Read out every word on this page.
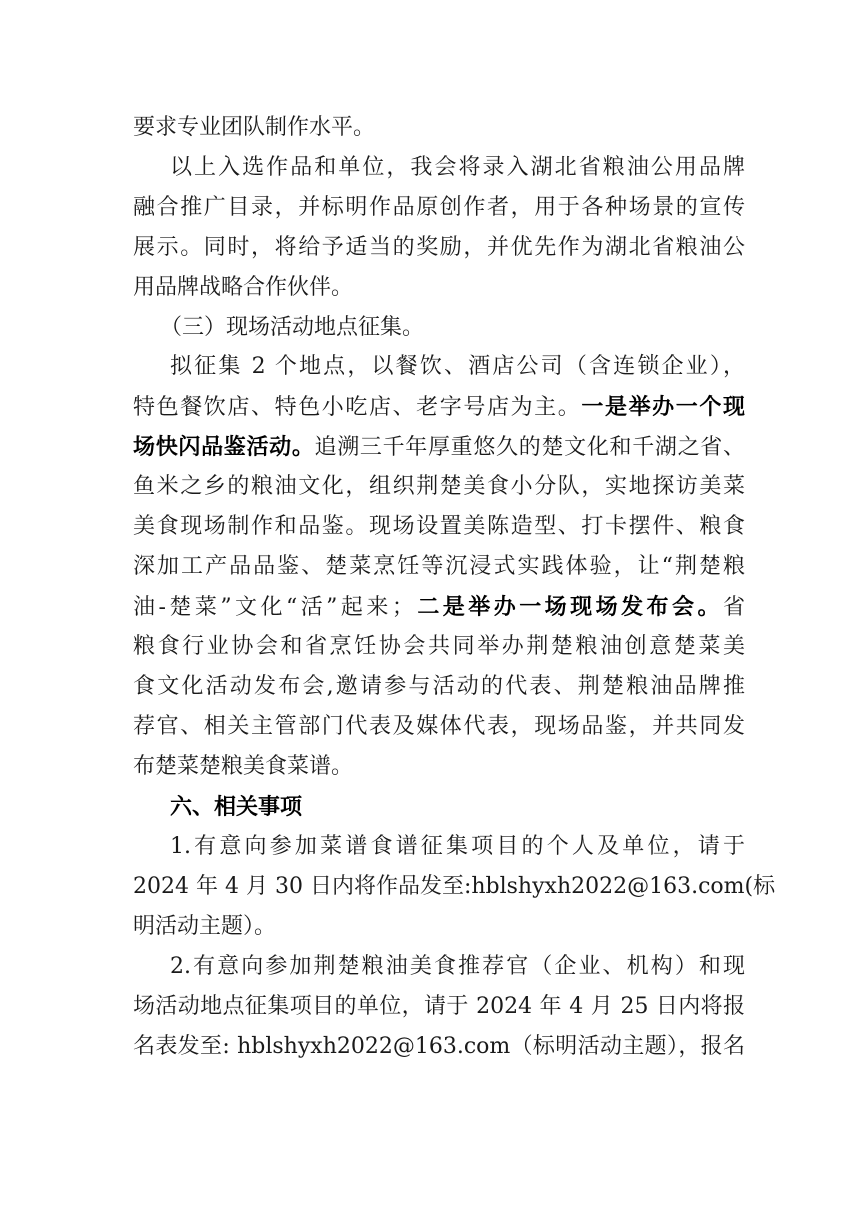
要求专业团队制作水平。
以上入选作品和单位，我会将录入湖北省粮油公用品牌
融合推广目录，并标明作品原创作者，用于各种场景的宣传
展示。同时，将给予适当的奖励，并优先作为湖北省粮油公
用品牌战略合作伙伴。
（三）现场活动地点征集。
拟征集 2 个地点，以餐饮、酒店公司（含连锁企业），
特色餐饮店、特色小吃店、老字号店为主。一是举办一个现
场快闪品鉴活动。追溯三千年厚重悠久的楚文化和千湖之省、
鱼米之乡的粮油文化，组织荆楚美食小分队，实地探访美菜
美食现场制作和品鉴。现场设置美陈造型、打卡摆件、粮食
深加工产品品鉴、楚菜烹饪等沉浸式实践体验，让“荆楚粮
油-楚菜”文化“活”起来；二是举办一场现场发布会。省
粮食行业协会和省烹饪协会共同举办荆楚粮油创意楚菜美
食文化活动发布会,邀请参与活动的代表、荆楚粮油品牌推
荐官、相关主管部门代表及媒体代表，现场品鉴，并共同发
布楚菜楚粮美食菜谱。
六、相关事项
1.有意向参加菜谱食谱征集项目的个人及单位，请于
2024 年 4 月 30 日内将作品发至:hblshyxh2022@163.com(标
明活动主题）。
2.有意向参加荆楚粮油美食推荐官（企业、机构）和现
场活动地点征集项目的单位，请于 2024 年 4 月 25 日内将报
名表发至: hblshyxh2022@163.com（标明活动主题），报名
